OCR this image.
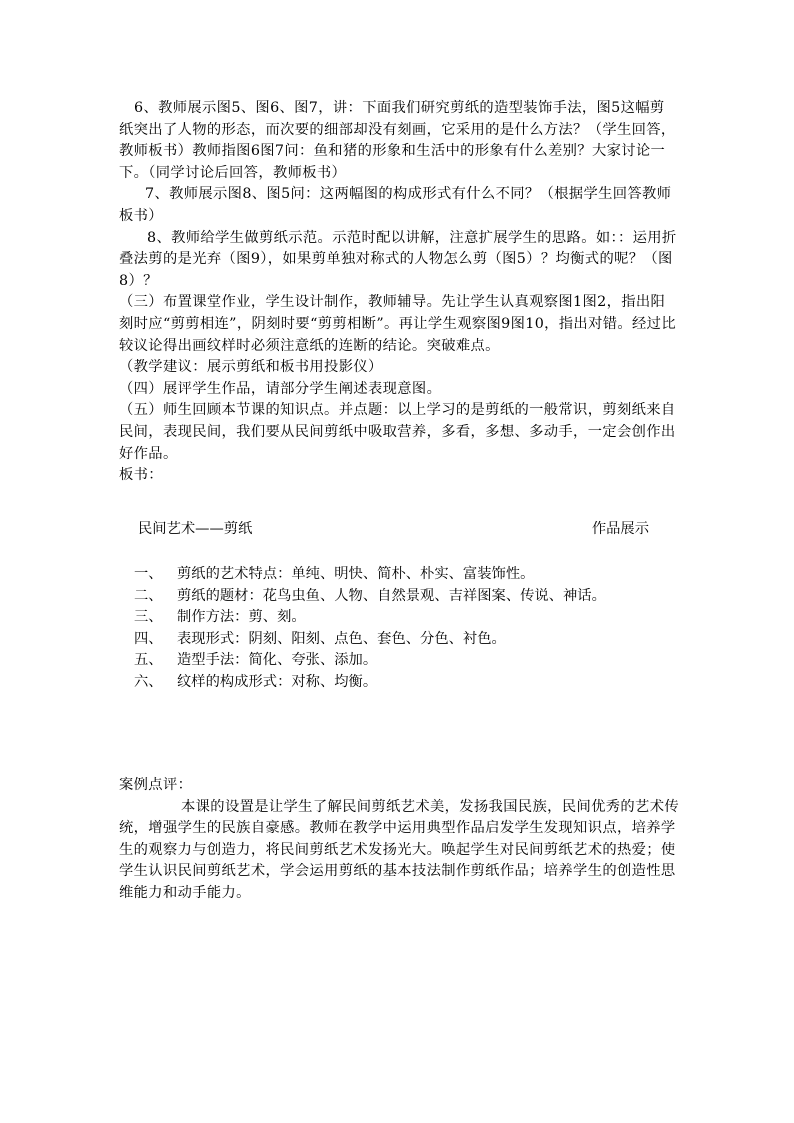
6、教师展示图5、图6、图7，讲：下面我们研究剪纸的造型装饰手法，图5这幅剪纸突出了人物的形态，而次要的细部却没有刻画，它采用的是什么方法？（学生回答，教师板书）教师指图6图7问：鱼和猪的形象和生活中的形象有什么差别？大家讨论一下。（同学讨论后回答，教师板书）

7、教师展示图8、图5问：这两幅图的构成形式有什么不同？（根据学生回答教师板书）

8、教师给学生做剪纸示范。示范时配以讲解，注意扩展学生的思路。如：：运用折叠法剪的是光弃（图9），如果剪单独对称式的人物怎么剪（图5）？均衡式的呢？（图8）？

（三）布置课堂作业，学生设计制作，教师辅导。先让学生认真观察图1图2，指出阳刻时应“剪剪相连”，阴刻时要“剪剪相断”。再让学生观察图9图10，指出对错。经过比较议论得出画纹样时必须注意纸的连断的结论。突破难点。

（教学建议：展示剪纸和板书用投影仪）

（四）展评学生作品，请部分学生阐述表现意图。

（五）师生回顾本节课的知识点。并点题：以上学习的是剪纸的一般常识，剪刻纸来自民间，表现民间，我们要从民间剪纸中吸取营养，多看，多想、多动手，一定会创作出好作品。

板书：

民间艺术——剪纸	作品展示
一、 剪纸的艺术特点：单纯、明快、简朴、朴实、富装饰性。
二、 剪纸的题材：花鸟虫鱼、人物、自然景观、吉祥图案、传说、神话。
三、 制作方法：剪、刻。
四、 表现形式：阴刻、阳刻、点色、套色、分色、衬色。
五、 造型手法：简化、夸张、添加。
六、 纹样的构成形式：对称、均衡。

案例点评：

本课的设置是让学生了解民间剪纸艺术美，发扬我国民族，民间优秀的艺术传统，增强学生的民族自豪感。教师在教学中运用典型作品启发学生发现知识点，培养学生的观察力与创造力，将民间剪纸艺术发扬光大。唤起学生对民间剪纸艺术的热爱；使学生认识民间剪纸艺术，学会运用剪纸的基本技法制作剪纸作品；培养学生的创造性思维能力和动手能力。
